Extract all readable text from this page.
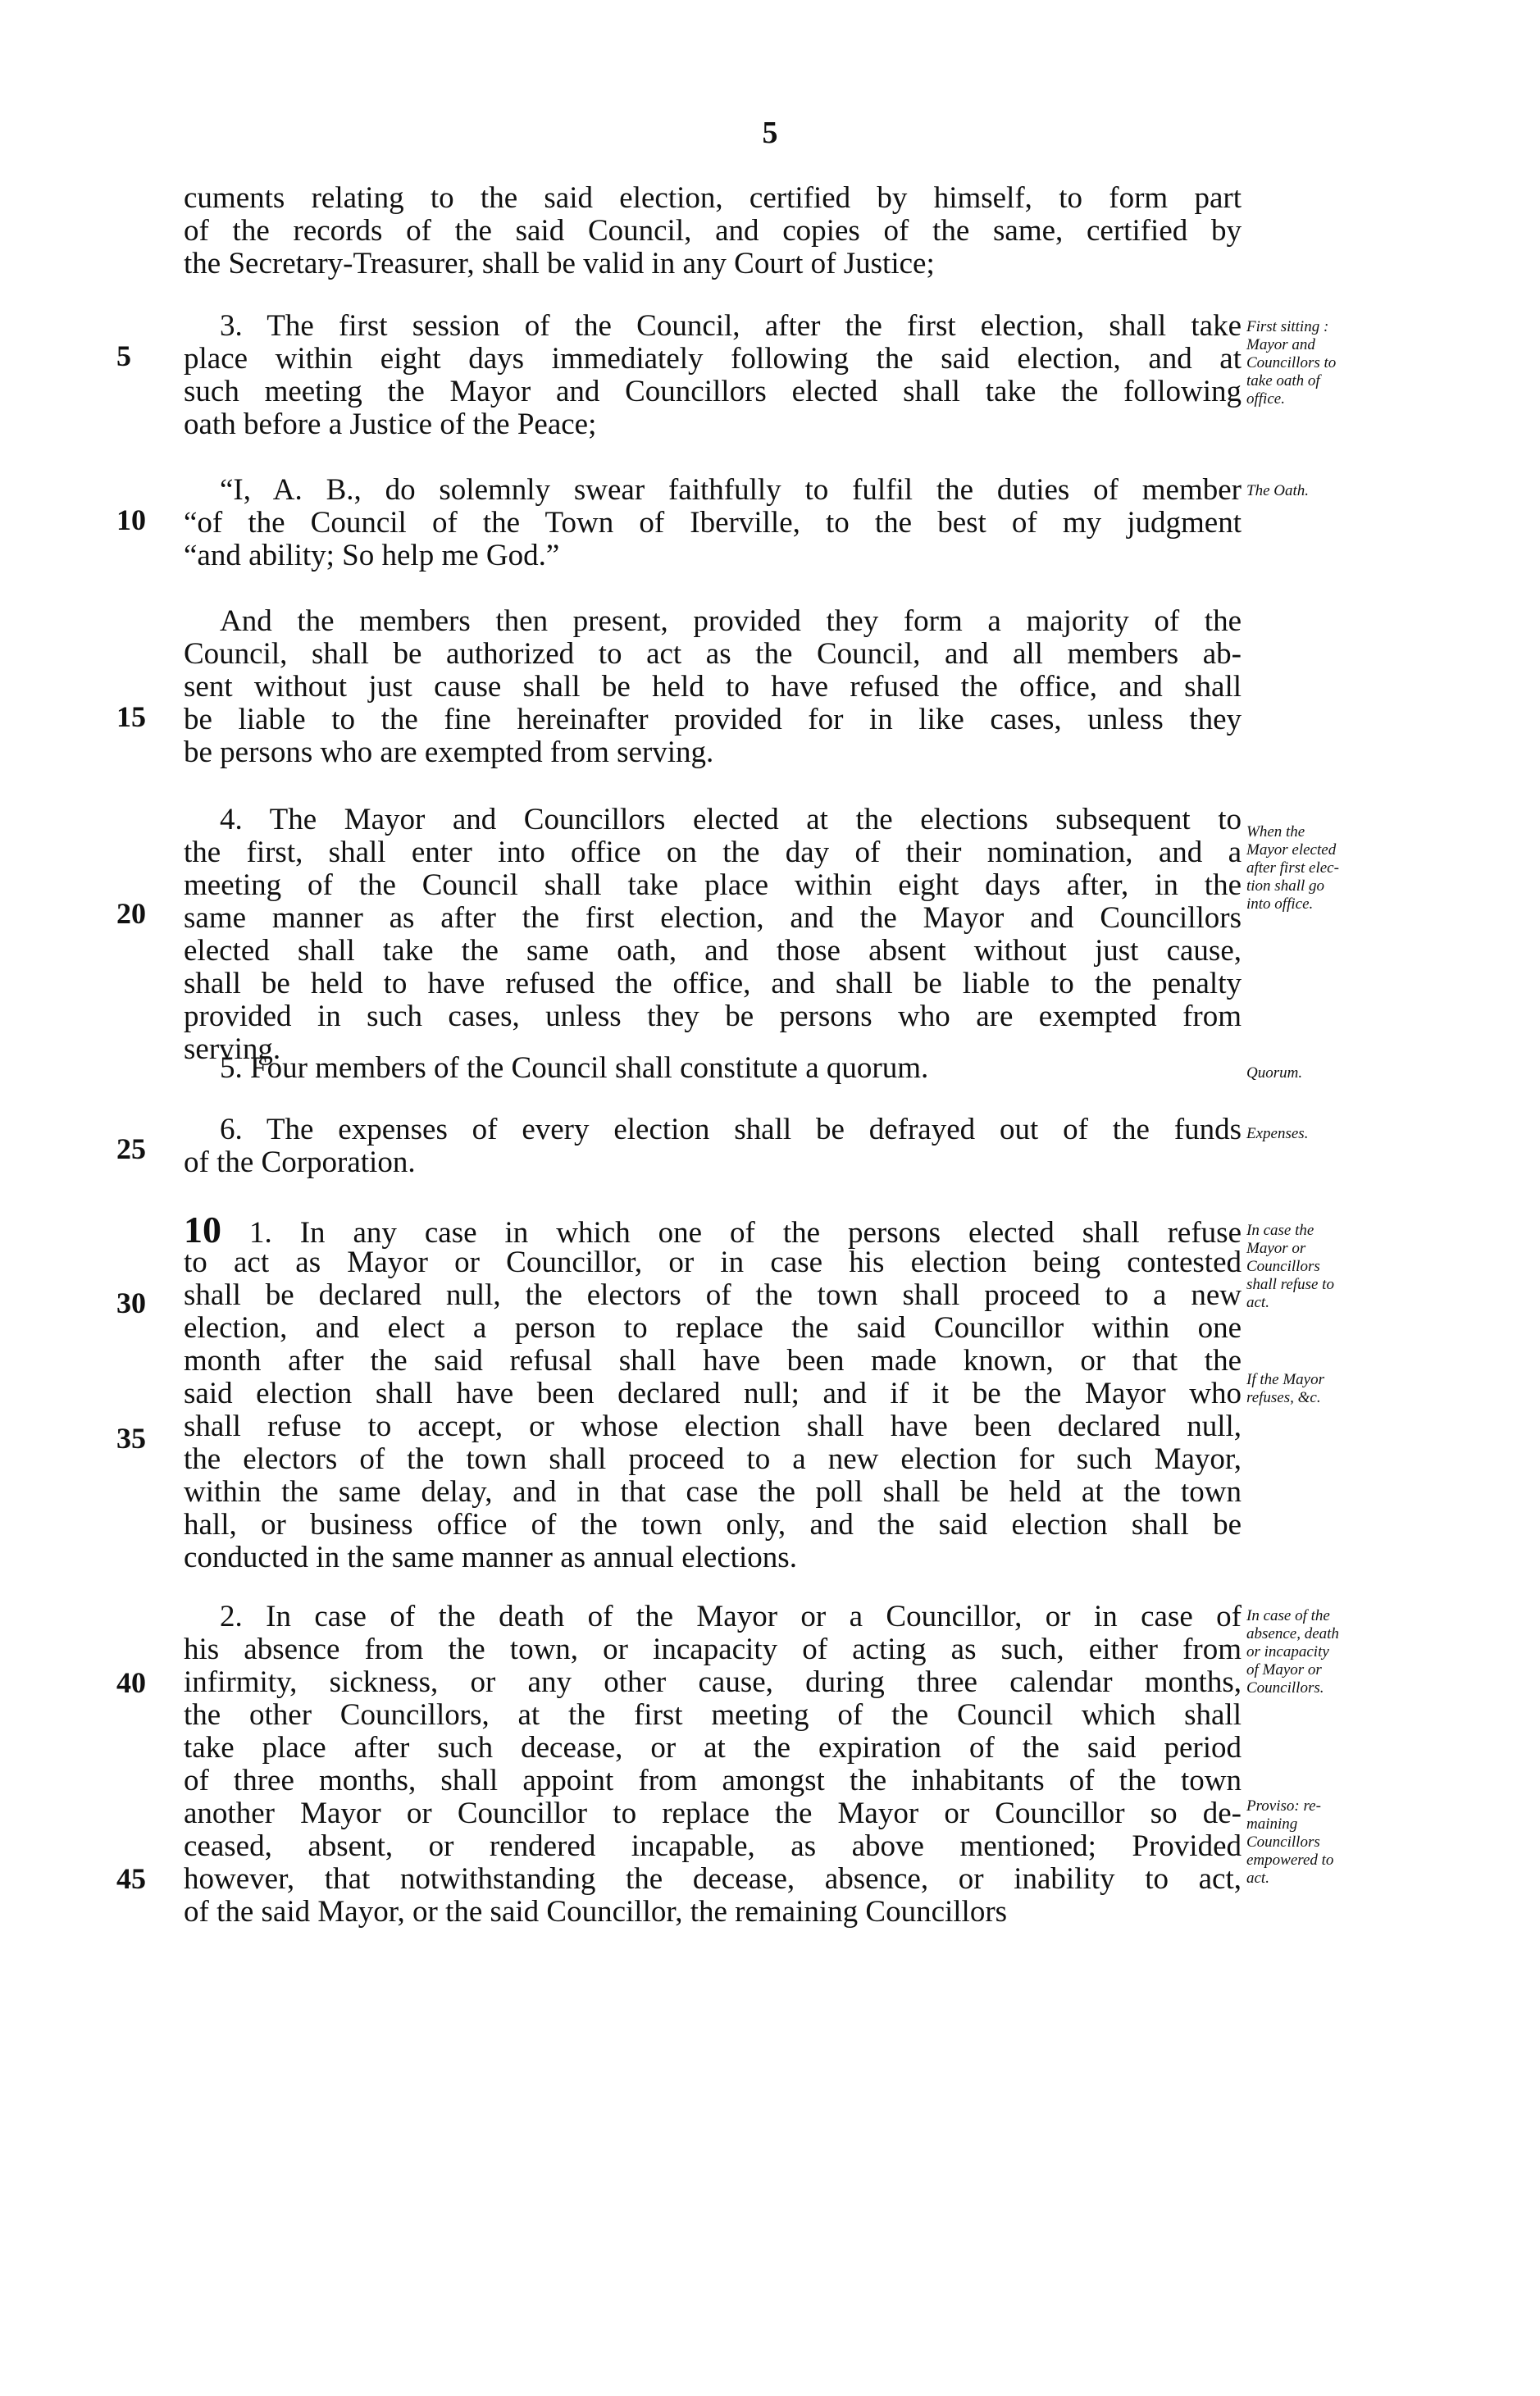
5
cuments relating to the said election, certified by himself, to form part
of the records of the said Council, and copies of the same, certified by
the Secretary-Treasurer, shall be valid in any Court of Justice;
3. The first session of the Council, after the first election, shall take
place within eight days immediately following the said election, and at
such meeting the Mayor and Councillors elected shall take the following
oath before a Justice of the Peace;
“I, A. B., do solemnly swear faithfully to fulfil the duties of member
“of the Council of the Town of Iberville, to the best of my judgment
“and ability; So help me God.”
And the members then present, provided they form a majority of the
Council, shall be authorized to act as the Council, and all members ab-
sent without just cause shall be held to have refused the office, and shall
be liable to the fine hereinafter provided for in like cases, unless they
be persons who are exempted from serving.
4. The Mayor and Councillors elected at the elections subsequent to
the first, shall enter into office on the day of their nomination, and a
meeting of the Council shall take place within eight days after, in the
same manner as after the first election, and the Mayor and Councillors
elected shall take the same oath, and those absent without just cause,
shall be held to have refused the office, and shall be liable to the penalty
provided in such cases, unless they be persons who are exempted from
serving.
5. Four members of the Council shall constitute a quorum.
6. The expenses of every election shall be defrayed out of the funds
of the Corporation.
10 1. In any case in which one of the persons elected shall refuse
to act as Mayor or Councillor, or in case his election being contested
shall be declared null, the electors of the town shall proceed to a new
election, and elect a person to replace the said Councillor within one
month after the said refusal shall have been made known, or that the
said election shall have been declared null; and if it be the Mayor who
shall refuse to accept, or whose election shall have been declared null,
the electors of the town shall proceed to a new election for such Mayor,
within the same delay, and in that case the poll shall be held at the town
hall, or business office of the town only, and the said election shall be
conducted in the same manner as annual elections.
2. In case of the death of the Mayor or a Councillor, or in case of
his absence from the town, or incapacity of acting as such, either from
infirmity, sickness, or any other cause, during three calendar months,
the other Councillors, at the first meeting of the Council which shall
take place after such decease, or at the expiration of the said period
of three months, shall appoint from amongst the inhabitants of the town
another Mayor or Councillor to replace the Mayor or Councillor so de-
ceased, absent, or rendered incapable, as above mentioned; Provided
however, that notwithstanding the decease, absence, or inability to act,
of the said Mayor, or the said Councillor, the remaining Councillors
5
10
15
20
25
30
35
40
45
First sitting :
Mayor and
Councillors to
take oath of
office.
The Oath.
When the
Mayor elected
after first elec-
tion shall go
into office.
Quorum.
Expenses.
In case the
Mayor or
Councillors
shall refuse to
act.
If the Mayor
refuses, &c.
In case of the
absence, death
or incapacity
of Mayor or
Councillors.
Proviso: re-
maining
Councillors
empowered to
act.
